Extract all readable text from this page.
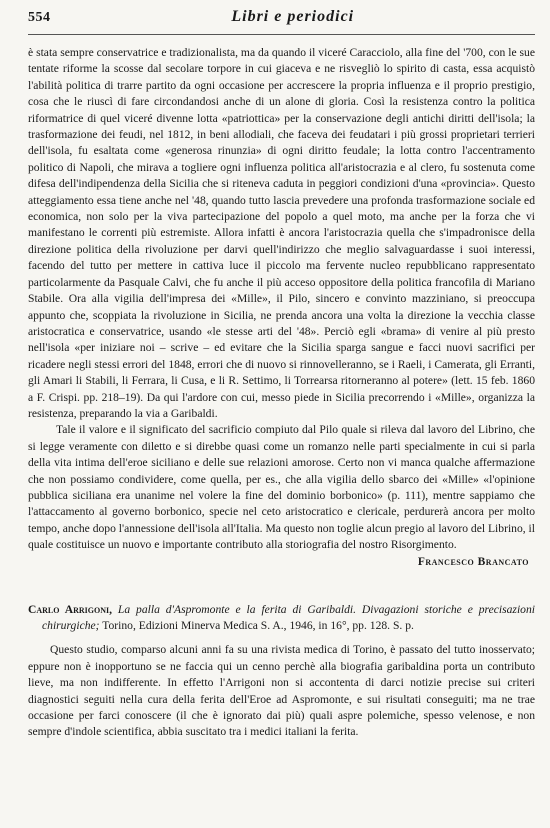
554	Libri e periodici

è stata sempre conservatrice e tradizionalista, ma da quando il viceré Caracciolo, alla fine del '700, con le sue tentate riforme la scosse dal secolare torpore in cui giaceva e ne risvegliò lo spirito di casta, essa acquistò l'abilità politica di trarre partito da ogni occasione per accrescere la propria influenza e il proprio prestigio, cosa che le riuscì di fare circondandosi anche di un alone di gloria. Così la resistenza contro la politica riformatrice di quel viceré divenne lotta «patriottica» per la conservazione degli antichi diritti dell'isola; la trasformazione dei feudi, nel 1812, in beni allodiali, che faceva dei feudatari i più grossi proprietari terrieri dell'isola, fu esaltata come «generosa rinunzia» di ogni diritto feudale; la lotta contro l'accentramento politico di Napoli, che mirava a togliere ogni influenza politica all'aristocrazia e al clero, fu sostenuta come difesa dell'indipendenza della Sicilia che si riteneva caduta in peggiori condizioni d'una «provincia». Questo atteggiamento essa tiene anche nel '48, quando tutto lascia prevedere una profonda trasformazione sociale ed economica, non solo per la viva partecipazione del popolo a quel moto, ma anche per la forza che vi manifestano le correnti più estremiste. Allora infatti è ancora l'aristocrazia quella che s'impadronisce della direzione politica della rivoluzione per darvi quell'indirizzo che meglio salvaguardasse i suoi interessi, facendo del tutto per mettere in cattiva luce il piccolo ma fervente nucleo repubblicano rappresentato particolarmente da Pasquale Calvi, che fu anche il più acceso oppositore della politica francofila di Mariano Stabile. Ora alla vigilia dell'impresa dei «Mille», il Pilo, sincero e convinto mazziniano, si preoccupa appunto che, scoppiata la rivoluzione in Sicilia, ne prenda ancora una volta la direzione la vecchia classe aristocratica e conservatrice, usando «le stesse arti del '48». Perciò egli «brama» di venire al più presto nell'isola «per iniziare noi – scrive – ed evitare che la Sicilia sparga sangue e facci nuovi sacrifici per ricadere negli stessi errori del 1848, errori che di nuovo si rinnovelleranno, se i Raeli, i Camerata, gli Erranti, gli Amari li Stabili, li Ferrara, li Cusa, e li R. Settimo, li Torrearsa ritorneranno al potere» (lett. 15 feb. 1860 a F. Crispi. pp. 218–19). Da qui l'ardore con cui, messo piede in Sicilia precorrendo i «Mille», organizza la resistenza, preparando la via a Garibaldi.

Tale il valore e il significato del sacrificio compiuto dal Pilo quale si rileva dal lavoro del Librino, che si legge veramente con diletto e si direbbe quasi come un romanzo nelle parti specialmente in cui si parla della vita intima dell'eroe siciliano e delle sue relazioni amorose. Certo non vi manca qualche affermazione che non possiamo condividere, come quella, per es., che alla vigilia dello sbarco dei «Mille» «l'opinione pubblica siciliana era unanime nel volere la fine del dominio borbonico» (p. 111), mentre sappiamo che l'attaccamento al governo borbonico, specie nel ceto aristocratico e clericale, perdurerà ancora per molto tempo, anche dopo l'annessione dell'isola all'Italia. Ma questo non toglie alcun pregio al lavoro del Librino, il quale costituisce un nuovo e importante contributo alla storiografia del nostro Risorgimento.

Francesco Brancato

Carlo Arrigoni, La palla d'Aspromonte e la ferita di Garibaldi. Divagazioni storiche e precisazioni chirurgiche; Torino, Edizioni Minerva Medica S. A., 1946, in 16°, pp. 128. S. p.

Questo studio, comparso alcuni anni fa su una rivista medica di Torino, è passato del tutto inosservato; eppure non è inopportuno se ne faccia qui un cenno perchè alla biografia garibaldina porta un contributo lieve, ma non indifferente. In effetto l'Arrigoni non si accontenta di darci notizie precise sui criteri diagnostici seguiti nella cura della ferita dell'Eroe ad Aspromonte, e sui risultati conseguiti; ma ne trae occasione per farci conoscere (il che è ignorato dai più) quali aspre polemiche, spesso velenose, e non sempre d'indole scientifica, abbia suscitato tra i medici italiani la ferita.
